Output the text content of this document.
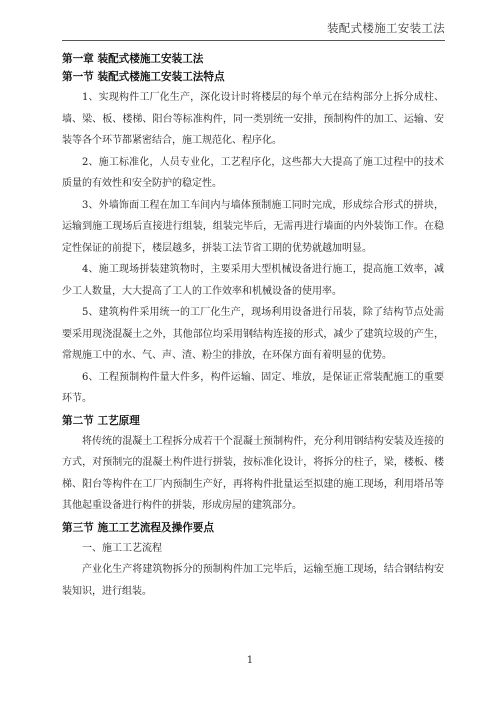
装配式楼施工安装工法
第一章 装配式楼施工安装工法
第一节 装配式楼施工安装工法特点

1、实现构件工厂化生产，深化设计时将楼层的每个单元在结构部分上拆分成柱、墙、梁、板、楼梯、阳台等标准构件，同一类别统一安排，预制构件的加工、运输、安装等各个环节都紧密结合，施工规范化、程序化。

2、施工标准化，人员专业化，工艺程序化，这些都大大提高了施工过程中的技术质量的有效性和安全防护的稳定性。

3、外墙饰面工程在加工车间内与墙体预制施工同时完成，形成综合形式的拼块，运输到施工现场后直接进行组装，组装完毕后，无需再进行墙面的内外装饰工作。在稳定性保证的前提下，楼层越多，拼装工法节省工期的优势就越加明显。

4、施工现场拼装建筑物时，主要采用大型机械设备进行施工，提高施工效率，减少工人数量，大大提高了工人的工作效率和机械设备的使用率。

5、建筑构件采用统一的工厂化生产，现场利用设备进行吊装，除了结构节点处需要采用现浇混凝土之外，其他部位均采用钢结构连接的形式，减少了建筑垃圾的产生，常规施工中的水、气、声、渣、粉尘的排放，在环保方面有着明显的优势。

6、工程预制构件量大件多，构件运输、固定、堆放，是保证正常装配施工的重要环节。

第二节 工艺原理

将传统的混凝土工程拆分成若干个混凝土预制构件，充分利用钢结构安装及连接的方式，对预制完的混凝土构件进行拼装，按标准化设计，将拆分的柱子，梁，楼板、楼梯、阳台等构件在工厂内预制生产好，再将构件批量运至拟建的施工现场，利用塔吊等其他起重设备进行构件的拼装，形成房屋的建筑部分。

第三节 施工工艺流程及操作要点

一、施工工艺流程

产业化生产将建筑物拆分的预制构件加工完毕后，运输至施工现场，结合钢结构安装知识，进行组装。

1
